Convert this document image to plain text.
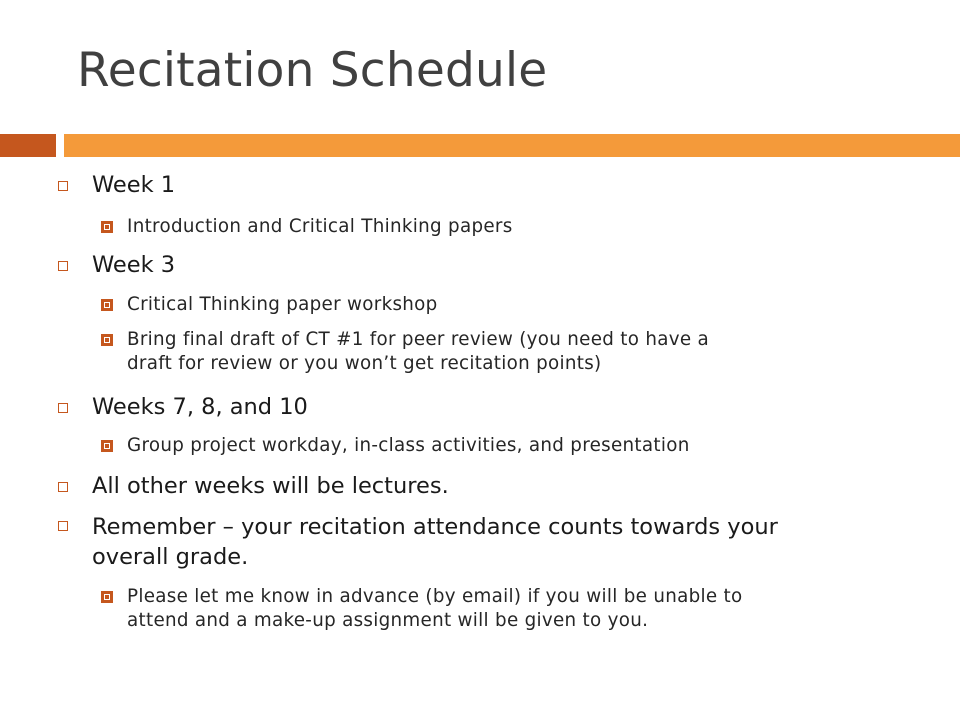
Recitation Schedule
Week 1
Introduction and Critical Thinking papers
Week 3
Critical Thinking paper workshop
Bring final draft of CT #1 for peer review (you need to have a
draft for review or you won’t get recitation points)
Weeks 7, 8, and 10
Group project workday, in-class activities, and presentation
All other weeks will be lectures.
Remember – your recitation attendance counts towards your
overall grade.
Please let me know in advance (by email) if you will be unable to
attend and a make-up assignment will be given to you.
